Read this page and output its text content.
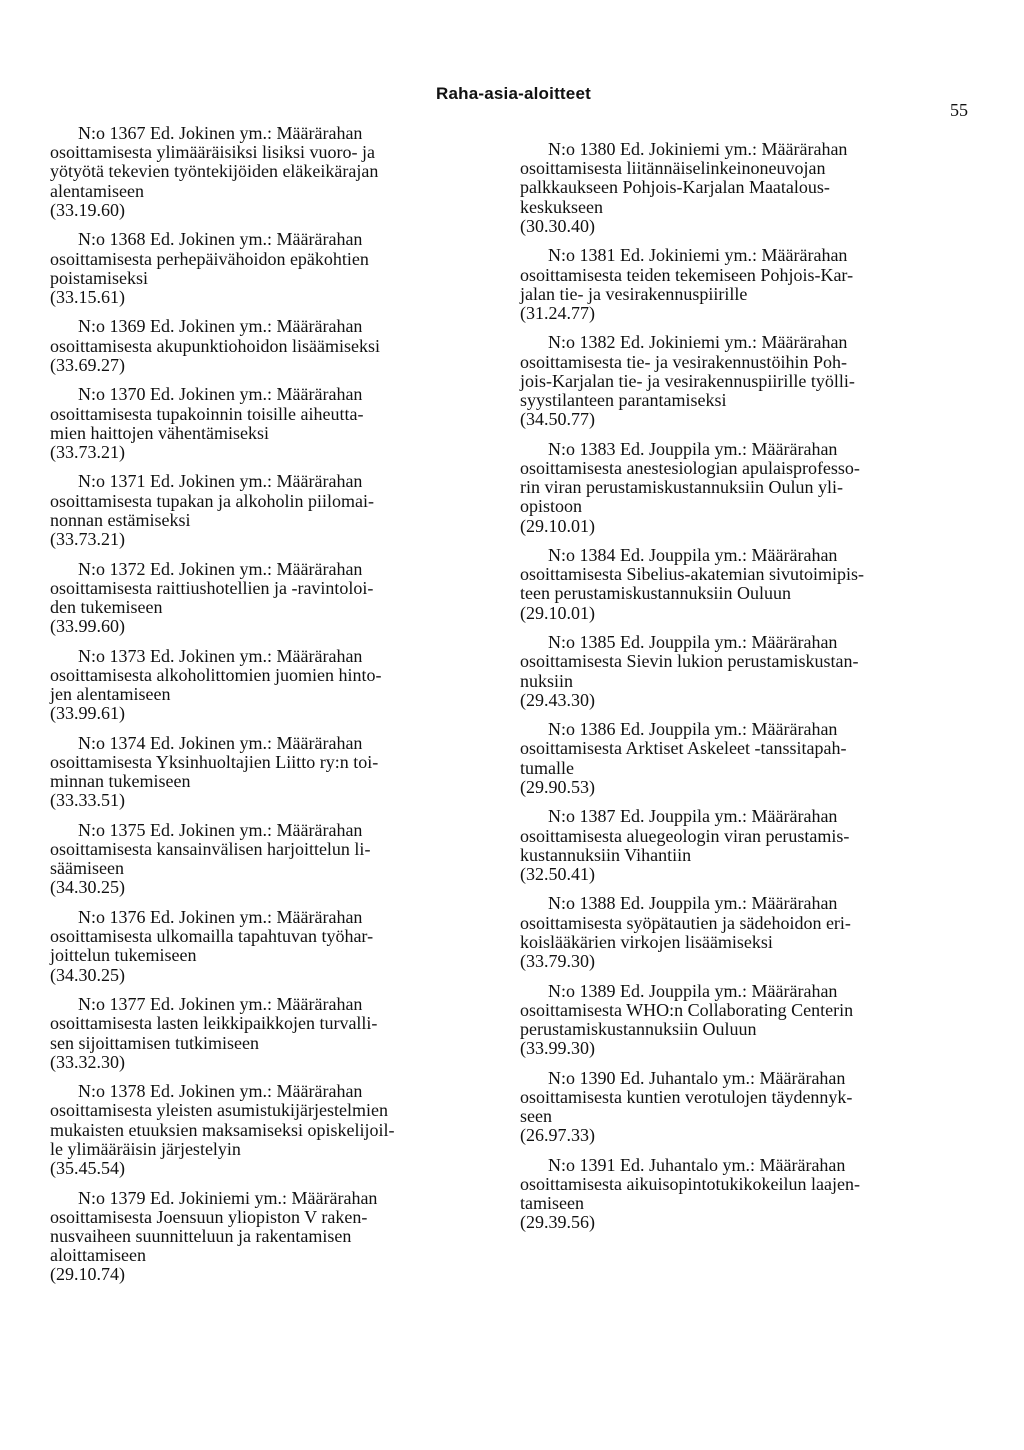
Raha-asia-aloitteet
55
N:o 1367 Ed. Jokinen ym.: Määrärahan
osoittamisesta ylimääräisiksi lisiksi vuoro- ja
yötyötä tekevien työntekijöiden eläkeikärajan
alentamiseen
(33.19.60)
N:o 1368 Ed. Jokinen ym.: Määrärahan
osoittamisesta perhepäivähoidon epäkohtien
poistamiseksi
(33.15.61)
N:o 1369 Ed. Jokinen ym.: Määrärahan
osoittamisesta akupunktiohoidon lisäämiseksi
(33.69.27)
N:o 1370 Ed. Jokinen ym.: Määrärahan
osoittamisesta tupakoinnin toisille aiheutta-
mien haittojen vähentämiseksi
(33.73.21)
N:o 1371 Ed. Jokinen ym.: Määrärahan
osoittamisesta tupakan ja alkoholin piilomai-
nonnan estämiseksi
(33.73.21)
N:o 1372 Ed. Jokinen ym.: Määrärahan
osoittamisesta raittiushotellien ja -ravintoloi-
den tukemiseen
(33.99.60)
N:o 1373 Ed. Jokinen ym.: Määrärahan
osoittamisesta alkoholittomien juomien hinto-
jen alentamiseen
(33.99.61)
N:o 1374 Ed. Jokinen ym.: Määrärahan
osoittamisesta Yksinhuoltajien Liitto ry:n toi-
minnan tukemiseen
(33.33.51)
N:o 1375 Ed. Jokinen ym.: Määrärahan
osoittamisesta kansainvälisen harjoittelun li-
säämiseen
(34.30.25)
N:o 1376 Ed. Jokinen ym.: Määrärahan
osoittamisesta ulkomailla tapahtuvan työhar-
joittelun tukemiseen
(34.30.25)
N:o 1377 Ed. Jokinen ym.: Määrärahan
osoittamisesta lasten leikkipaikkojen turvalli-
sen sijoittamisen tutkimiseen
(33.32.30)
N:o 1378 Ed. Jokinen ym.: Määrärahan
osoittamisesta yleisten asumistukijärjestelmien
mukaisten etuuksien maksamiseksi opiskelijoil-
le ylimääräisin järjestelyin
(35.45.54)
N:o 1379 Ed. Jokiniemi ym.: Määrärahan
osoittamisesta Joensuun yliopiston V raken-
nusvaiheen suunnitteluun ja rakentamisen
aloittamiseen
(29.10.74)
N:o 1380 Ed. Jokiniemi ym.: Määrärahan
osoittamisesta liitännäiselinkeinoneuvojan
palkkaukseen Pohjois-Karjalan Maatalous-
keskukseen
(30.30.40)
N:o 1381 Ed. Jokiniemi ym.: Määrärahan
osoittamisesta teiden tekemiseen Pohjois-Kar-
jalan tie- ja vesirakennuspiirille
(31.24.77)
N:o 1382 Ed. Jokiniemi ym.: Määrärahan
osoittamisesta tie- ja vesirakennustöihin Poh-
jois-Karjalan tie- ja vesirakennuspiirille työlli-
syystilanteen parantamiseksi
(34.50.77)
N:o 1383 Ed. Jouppila ym.: Määrärahan
osoittamisesta anestesiologian apulaisprofesso-
rin viran perustamiskustannuksiin Oulun yli-
opistoon
(29.10.01)
N:o 1384 Ed. Jouppila ym.: Määrärahan
osoittamisesta Sibelius-akatemian sivutoimipis-
teen perustamiskustannuksiin Ouluun
(29.10.01)
N:o 1385 Ed. Jouppila ym.: Määrärahan
osoittamisesta Sievin lukion perustamiskustan-
nuksiin
(29.43.30)
N:o 1386 Ed. Jouppila ym.: Määrärahan
osoittamisesta Arktiset Askeleet -tanssitapah-
tumalle
(29.90.53)
N:o 1387 Ed. Jouppila ym.: Määrärahan
osoittamisesta aluegeologin viran perustamis-
kustannuksiin Vihantiin
(32.50.41)
N:o 1388 Ed. Jouppila ym.: Määrärahan
osoittamisesta syöpätautien ja sädehoidon eri-
koislääkärien virkojen lisäämiseksi
(33.79.30)
N:o 1389 Ed. Jouppila ym.: Määrärahan
osoittamisesta WHO:n Collaborating Centerin
perustamiskustannuksiin Ouluun
(33.99.30)
N:o 1390 Ed. Juhantalo ym.: Määrärahan
osoittamisesta kuntien verotulojen täydennyk-
seen
(26.97.33)
N:o 1391 Ed. Juhantalo ym.: Määrärahan
osoittamisesta aikuisopintotukikokeilun laajen-
tamiseen
(29.39.56)
